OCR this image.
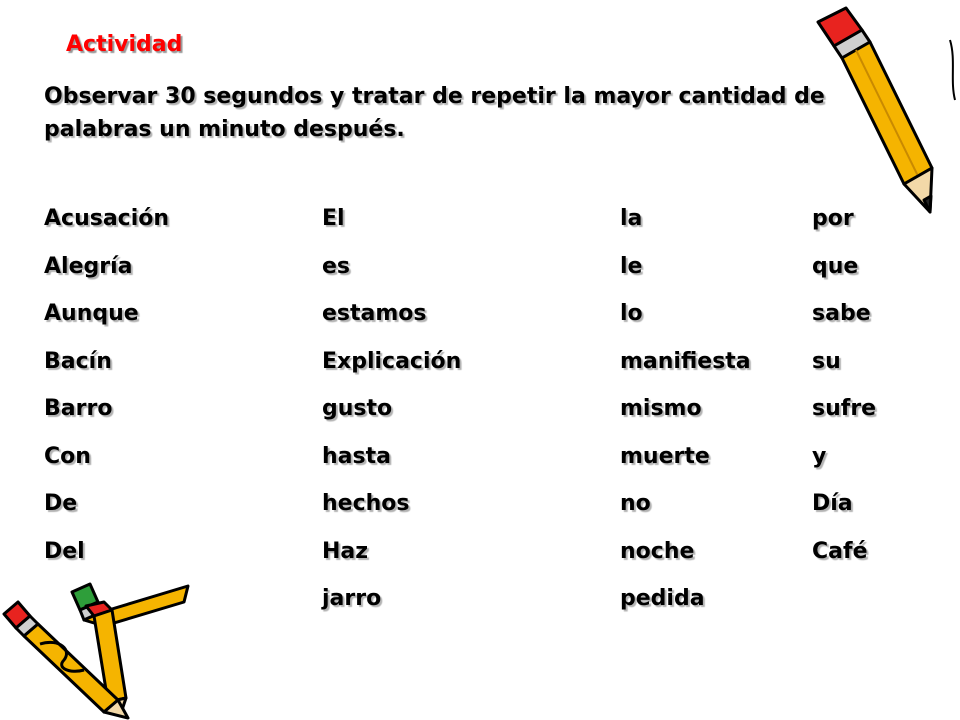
Actividad
Observar 30 segundos y tratar de repetir la mayor cantidad de palabras un minuto después.
Acusación
Alegría
Aunque
Bacín
Barro
Con
De
Del
El
es
estamos
Explicación
gusto
hasta
hechos
Haz
jarro
la
le
lo
manifiesta
mismo
muerte
no
noche
pedida
por
que
sabe
su
sufre
y
Día
Café
